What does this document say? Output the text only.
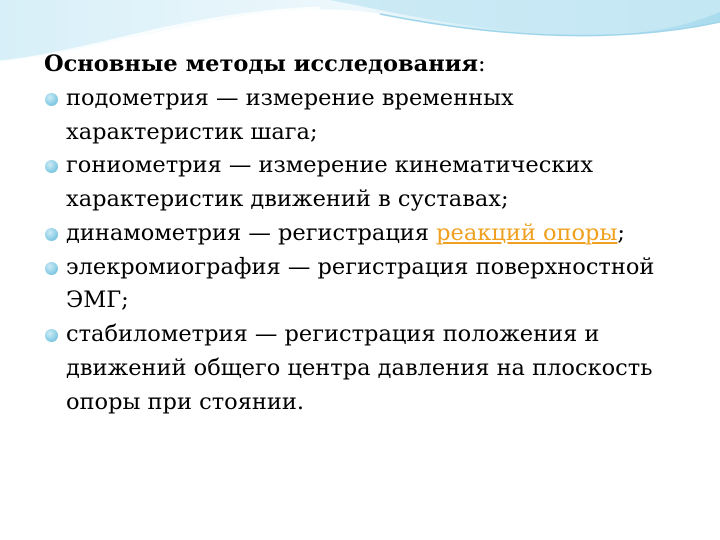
Основные методы исследования:

подометрия — измерение временных характеристик шага;
гониометрия — измерение кинематических характеристик движений в суставах;
динамометрия — регистрация реакций опоры;
элекромиография — регистрация поверхностной ЭМГ;
стабилометрия — регистрация положения и движений общего центра давления на плоскость опоры при стоянии.
